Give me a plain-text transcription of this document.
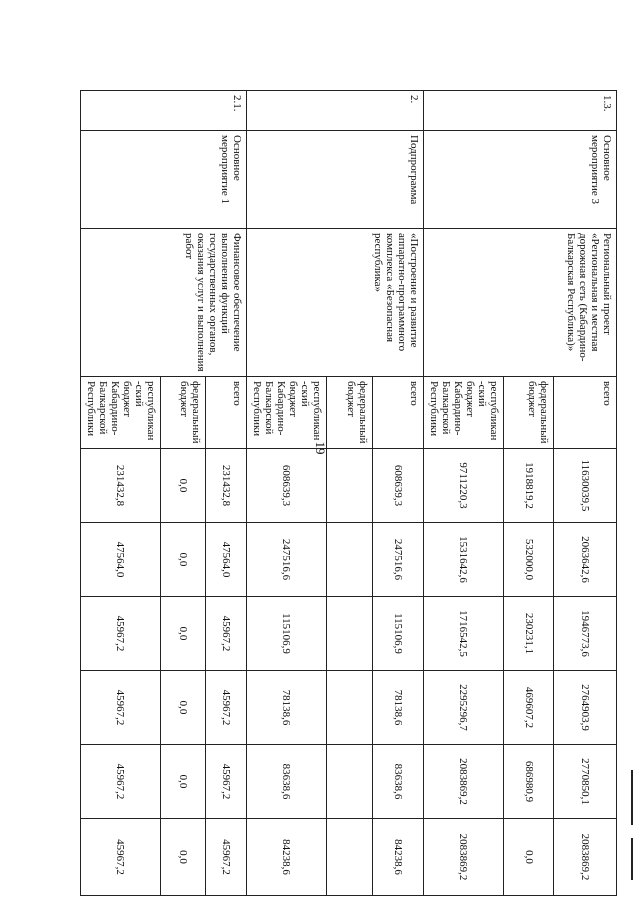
19
1.3.	Основное мероприятие 3	Региональный проект «Региональная и местная дорожная сеть (Кабардино-Балкарская Республика)»	всего	11630039,5	2063642,6	1946773,6	2764903,9	2770850,1	2083869,2
			федеральный бюджет	1918819,2	532000,0	230231,1	469607,2	686980,9	0,0
			республикан-ский бюджет Кабардино-Балкарской Республики	9711220,3	1531642,6	1716542,5	2295296,7	2083869,2	2083869,2
2.	Подпрограмма	«Построение и развитие аппаратно-программного комплекса «Безопасная республика»	всего	608639,3	247516,6	115106,9	78138,6	83638,6	84238,6
			федеральный бюджет						
			республикан-ский бюджет Кабардино-Балкарской Республики	608639,3	247516,6	115106,9	78138,6	83638,6	84238,6
2.1.	Основное мероприятие 1	Финансовое обеспечение выполнения функций государственных органов, оказания услуг и выполнения работ	всего	231432,8	47564,0	45967,2	45967,2	45967,2	45967,2
			федеральный бюджет	0,0	0,0	0,0	0,0	0,0	0,0
			республикан-ский бюджет Кабардино-Балкарской Республики	231432,8	47564,0	45967,2	45967,2	45967,2	45967,2
